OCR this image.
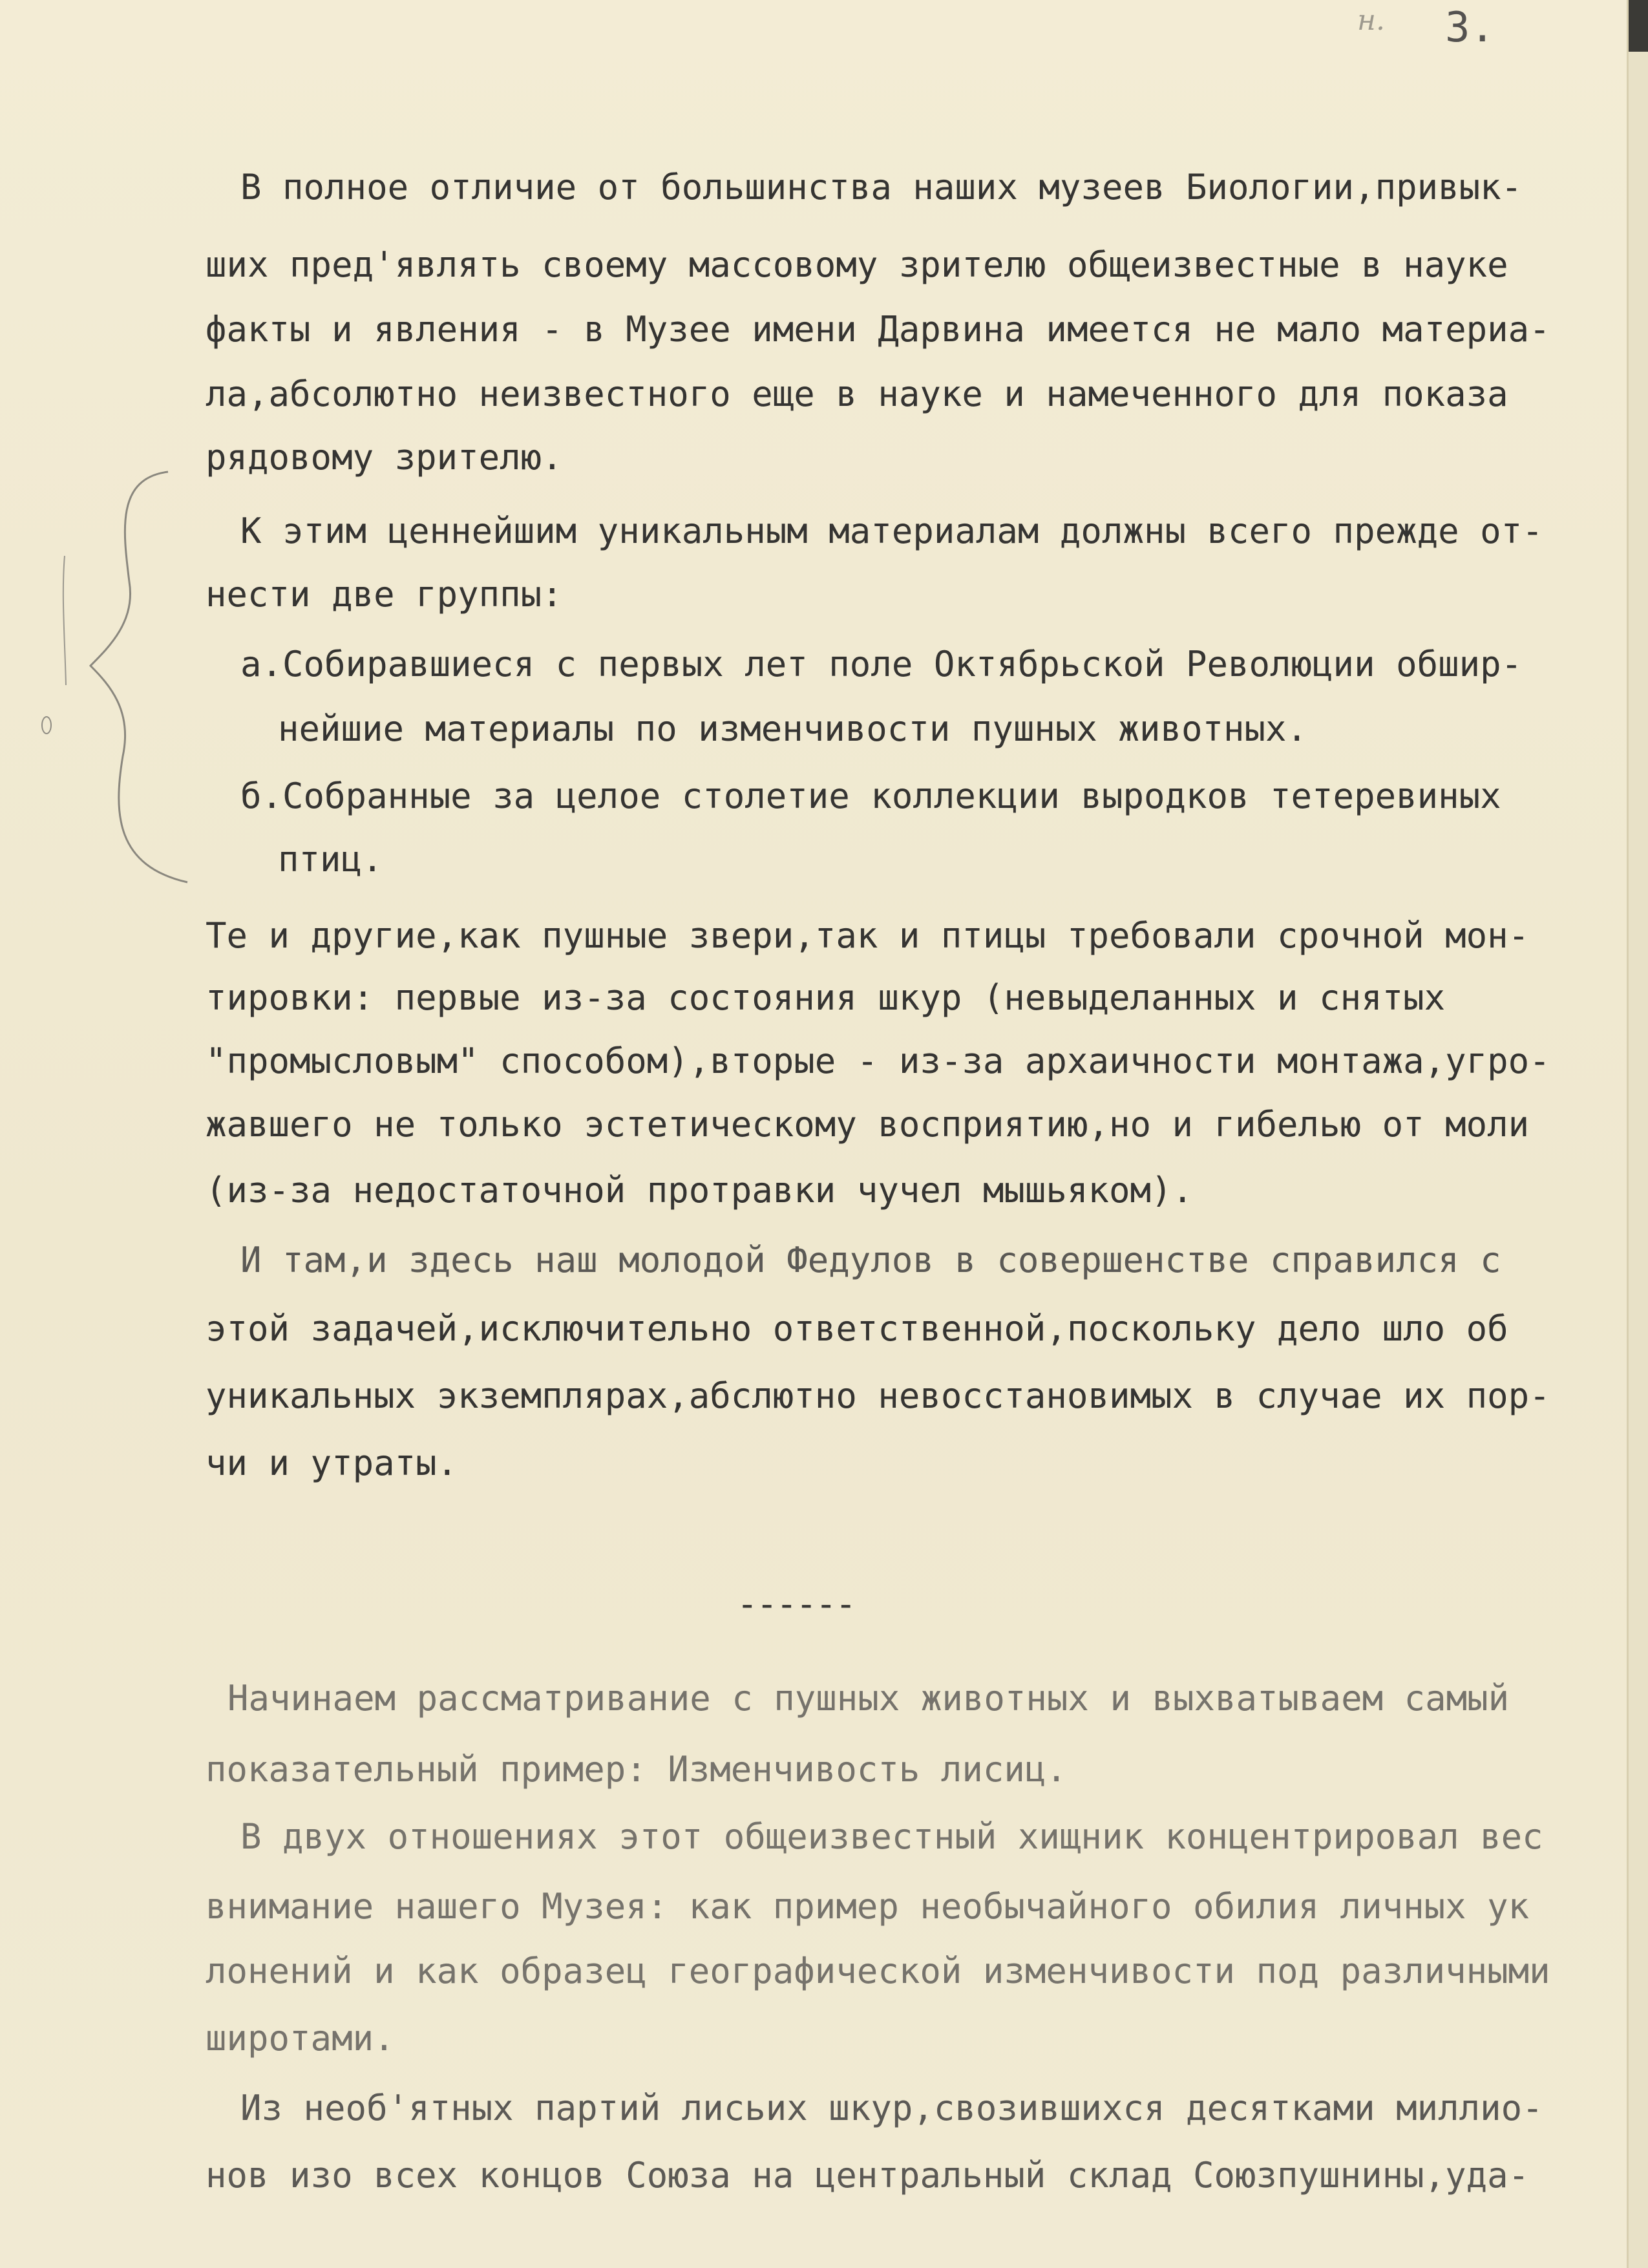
н. 3.
В полное отличие от большинства наших музеев Биологии,привык-
ших пред'являть своему массовому зрителю общеизвестные в науке
факты и явления - в Музее имени Дарвина имеется не мало материа-
ла,абсолютно неизвестного еще в науке и намеченного для показа
рядовому зрителю.
К этим ценнейшим уникальным материалам должны всего прежде от-
нести две группы:
а.Собиравшиеся с первых лет поле Октябрьской Революции обшир-
нейшие материалы по изменчивости пушных животных.
б.Собранные за целое столетие коллекции выродков тетеревиных
птиц.
Те и другие,как пушные звери,так и птицы требовали срочной мон-
тировки: первые из-за состояния шкур (невыделанных и снятых
"промысловым" способом),вторые - из-за архаичности монтажа,угро-
жавшего не только эстетическому восприятию,но и гибелью от моли
(из-за недостаточной протравки чучел мышьяком).
И там,и здесь наш молодой Федулов в совершенстве справился с
этой задачей,исключительно ответственной,поскольку дело шло об
уникальных экземплярах,абслютно невосстановимых в случае их пор-
чи и утраты.
------
Начинаем рассматривание с пушных животных и выхватываем самый
показательный пример: Изменчивость лисиц.
В двух отношениях этот общеизвестный хищник концентрировал вес
внимание нашего Музея: как пример необычайного обилия личных ук
лонений и как образец географической изменчивости под различными
широтами.
Из необ'ятных партий лисьих шкур,свозившихся десятками миллио-
нов изо всех концов Союза на центральный склад Союзпушнины,уда-
